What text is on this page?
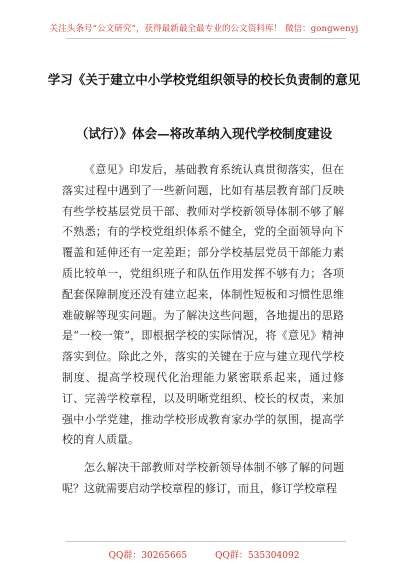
关注头条号“公文研究”，获得最新最全最专业的公文资料库！ 微信：gongwenyj
学习《关于建立中小学校党组织领导的校长负责制的意见
（试行）》体会—将改革纳入现代学校制度建设

《意见》印发后，基础教育系统认真贯彻落实，但在落实过程中遇到了一些新问题，比如有基层教育部门反映有些学校基层党员干部、教师对学校新领导体制不够了解不熟悉；有的学校党组织体系不健全，党的全面领导向下覆盖和延伸还有一定差距；部分学校基层党员干部能力素质比较单一，党组织班子和队伍作用发挥不够有力；各项配套保障制度还没有建立起来，体制性短板和习惯性思维难破解等现实问题。为了解决这些问题，各地提出的思路是“一校一策”，即根据学校的实际情况，将《意见》精神落实到位。除此之外，落实的关键在于应与建立现代学校制度、提高学校现代化治理能力紧密联系起来，通过修订、完善学校章程，以及明晰党组织、校长的权责，来加强中小学党建，推动学校形成教育家办学的氛围，提高学校的育人质量。

怎么解决干部教师对学校新领导体制不够了解的问题呢？这就需要启动学校章程的修订，而且，修订学校章程

QQ群：30265665	QQ群：535304092
